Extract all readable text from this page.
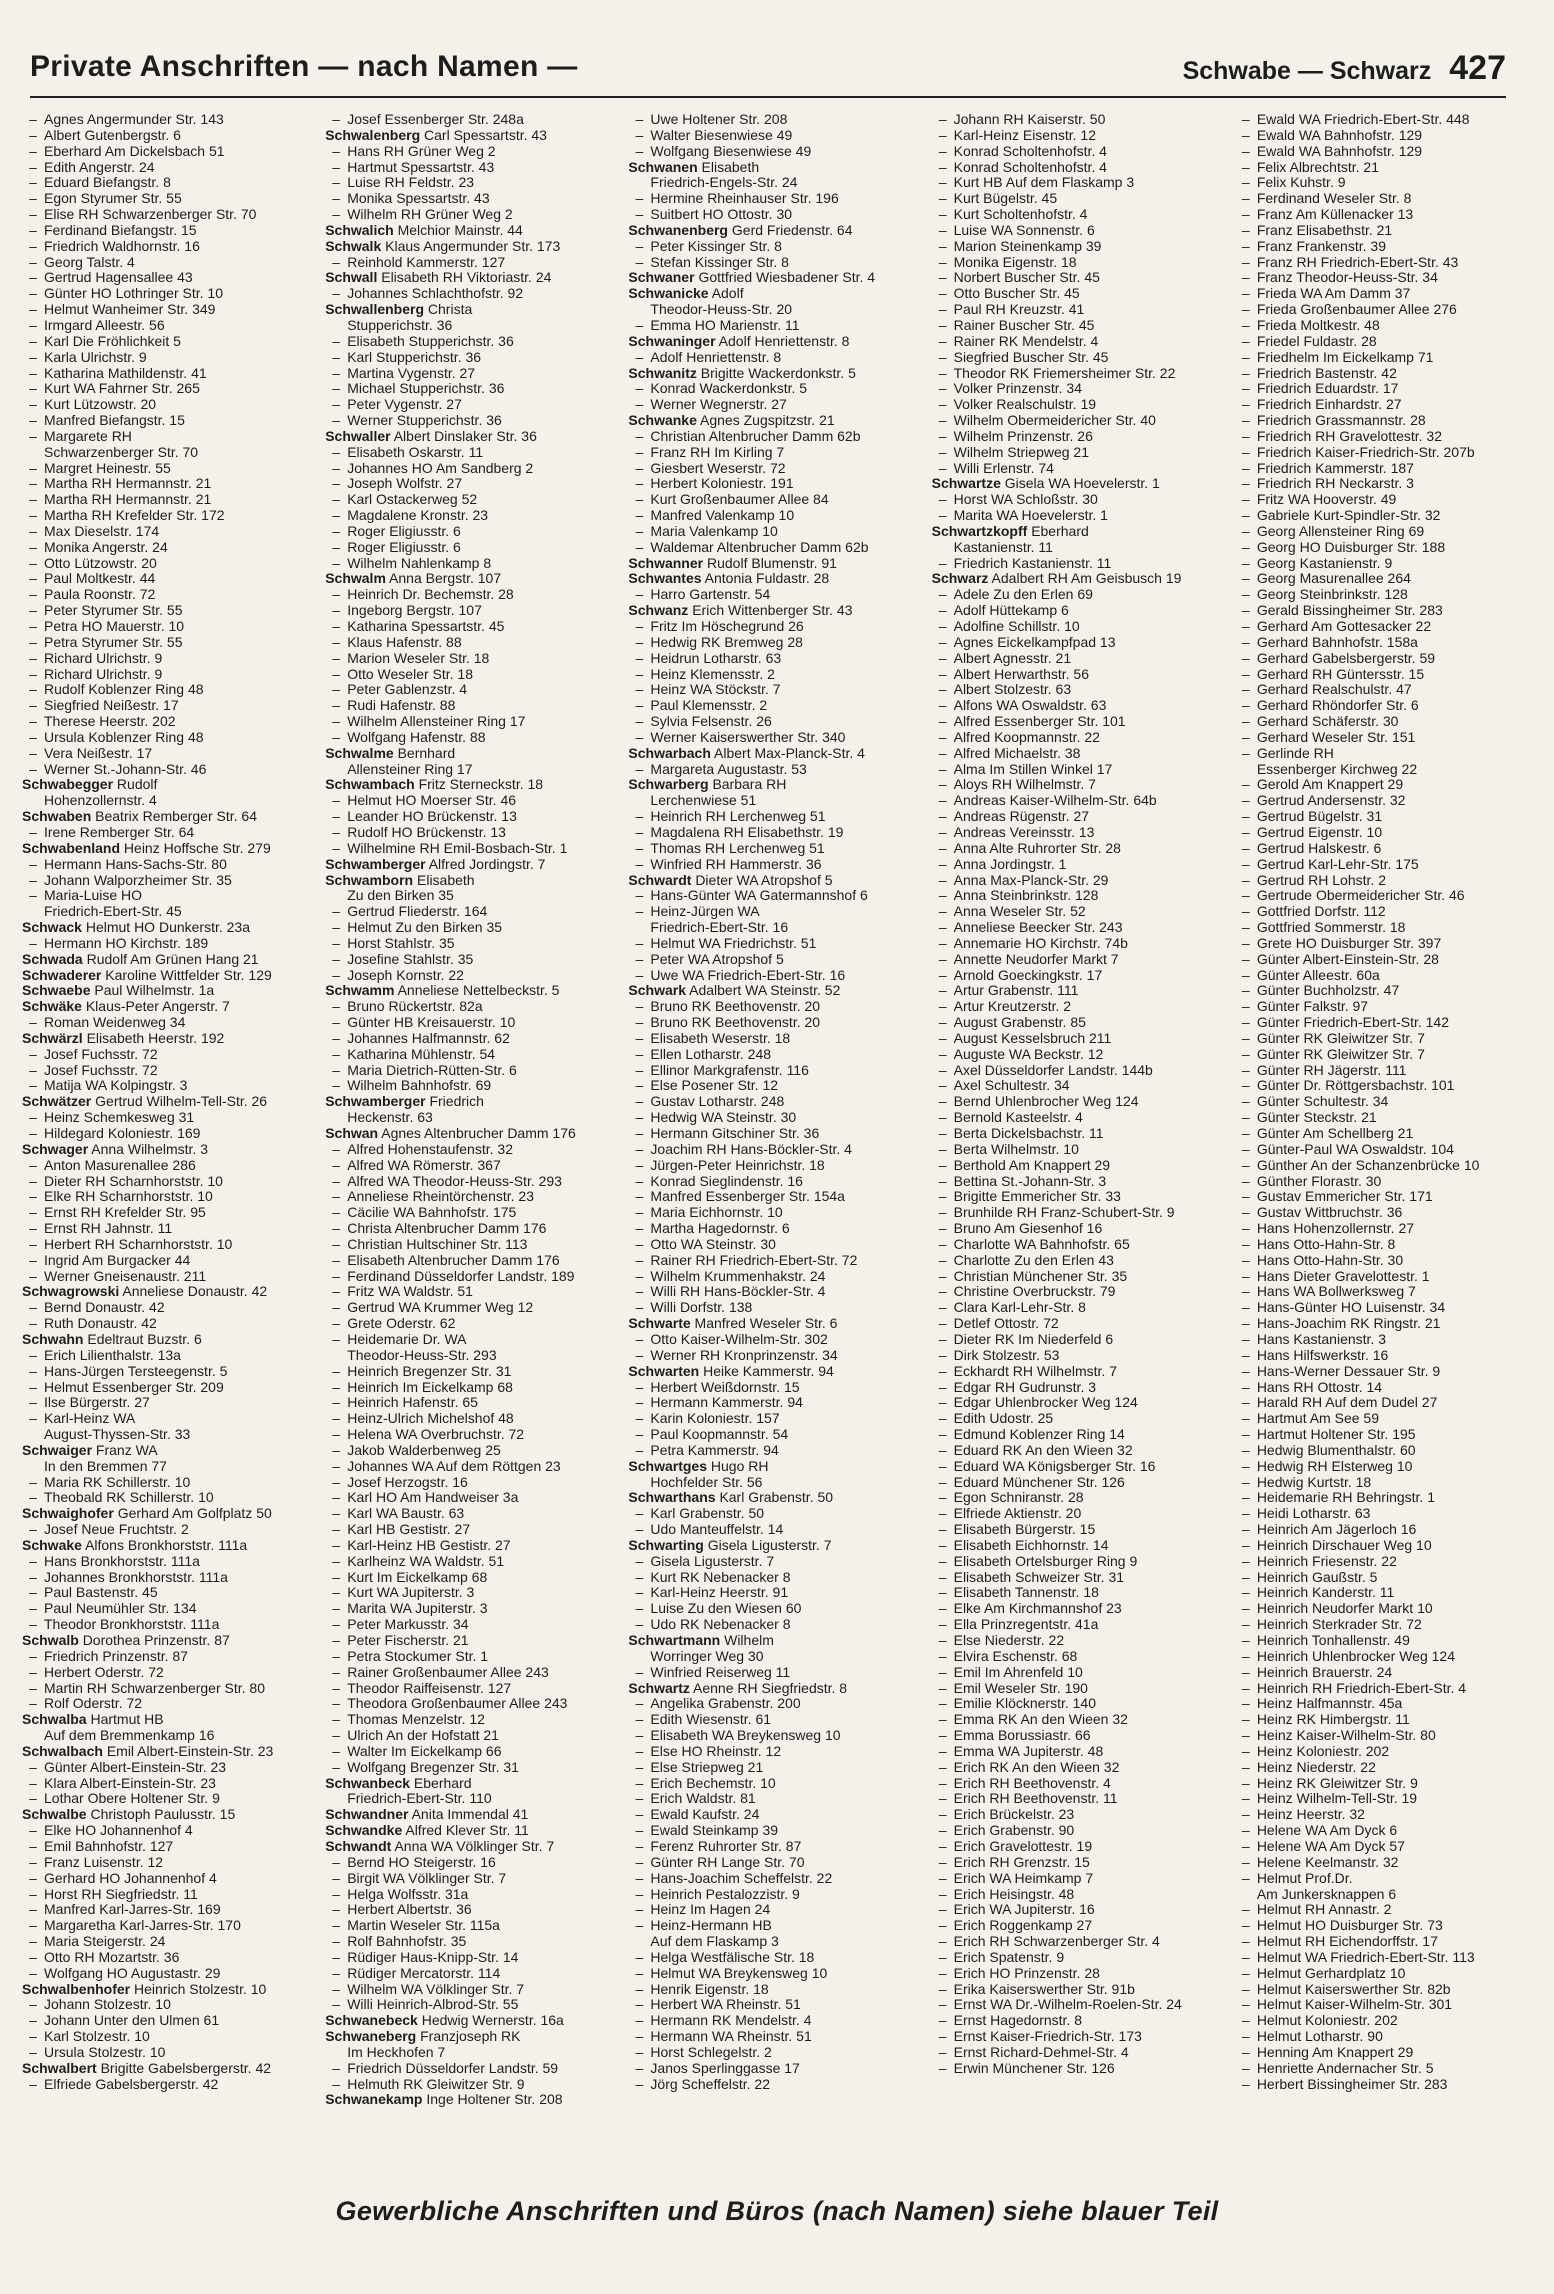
Private Anschriften — nach Namen —	Schwabe — Schwarz 427
– Agnes Angermunder Str. 143
– Albert Gutenbergstr. 6
– Eberhard Am Dickelsbach 51
– Edith Angerstr. 24
– Eduard Biefangstr. 8
– Egon Styrumer Str. 55
– Elise RH Schwarzenberger Str. 70
– Ferdinand Biefangstr. 15
– Friedrich Waldhornstr. 16
– Georg Talstr. 4
– Gertrud Hagensallee 43
– Günter HO Lothringer Str. 10
– Helmut Wanheimer Str. 349
– Irmgard Alleestr. 56
– Karl Die Fröhlichkeit 5
– Karla Ulrichstr. 9
– Katharina Mathildenstr. 41
– Kurt WA Fahrner Str. 265
– Kurt Lützowstr. 20
– Manfred Biefangstr. 15
– Margarete RH
Schwarzenberger Str. 70
– Margret Heinestr. 55
– Martha RH Hermannstr. 21
– Martha RH Hermannstr. 21
– Martha RH Krefelder Str. 172
– Max Dieselstr. 174
– Monika Angerstr. 24
– Otto Lützowstr. 20
– Paul Moltkestr. 44
– Paula Roonstr. 72
– Peter Styrumer Str. 55
– Petra HO Mauerstr. 10
– Petra Styrumer Str. 55
– Richard Ulrichstr. 9
– Richard Ulrichstr. 9
– Rudolf Koblenzer Ring 48
– Siegfried Neißestr. 17
– Therese Heerstr. 202
– Ursula Koblenzer Ring 48
– Vera Neißestr. 17
– Werner St.-Johann-Str. 46
Schwabegger Rudolf
Hohenzollernstr. 4
Schwaben Beatrix Remberger Str. 64
– Irene Remberger Str. 64
Schwabenland Heinz Hoffsche Str. 279
– Hermann Hans-Sachs-Str. 80
– Johann Walporzheimer Str. 35
– Maria-Luise HO
Friedrich-Ebert-Str. 45
Schwack Helmut HO Dunkerstr. 23a
– Hermann HO Kirchstr. 189
Schwada Rudolf Am Grünen Hang 21
Schwaderer Karoline Wittfelder Str. 129
Schwaebe Paul Wilhelmstr. 1a
Schwäke Klaus-Peter Angerstr. 7
– Roman Weidenweg 34
Schwärzl Elisabeth Heerstr. 192
– Josef Fuchsstr. 72
– Josef Fuchsstr. 72
– Matija WA Kolpingstr. 3
Schwätzer Gertrud Wilhelm-Tell-Str. 26
– Heinz Schemkesweg 31
– Hildegard Koloniestr. 169
Schwager Anna Wilhelmstr. 3
– Anton Masurenallee 286
– Dieter RH Scharnhorststr. 10
– Elke RH Scharnhorststr. 10
– Ernst RH Krefelder Str. 95
– Ernst RH Jahnstr. 11
– Herbert RH Scharnhorststr. 10
– Ingrid Am Burgacker 44
– Werner Gneisenaustr. 211
Schwagrowski Anneliese Donaustr. 42
– Bernd Donaustr. 42
– Ruth Donaustr. 42
Schwahn Edeltraut Buzstr. 6
– Erich Lilienthalstr. 13a
– Hans-Jürgen Tersteegenstr. 5
– Helmut Essenberger Str. 209
– Ilse Bürgerstr. 27
– Karl-Heinz WA
August-Thyssen-Str. 33
Schwaiger Franz WA
In den Bremmen 77
– Maria RK Schillerstr. 10
– Theobald RK Schillerstr. 10
Schwaighofer Gerhard Am Golfplatz 50
– Josef Neue Fruchtstr. 2
Schwake Alfons Bronkhorststr. 111a
– Hans Bronkhorststr. 111a
– Johannes Bronkhorststr. 111a
– Paul Bastenstr. 45
– Paul Neumühler Str. 134
– Theodor Bronkhorststr. 111a
Schwalb Dorothea Prinzenstr. 87
– Friedrich Prinzenstr. 87
– Herbert Oderstr. 72
– Martin RH Schwarzenberger Str. 80
– Rolf Oderstr. 72
Schwalba Hartmut HB
Auf dem Bremmenkamp 16
Schwalbach Emil Albert-Einstein-Str. 23
– Günter Albert-Einstein-Str. 23
– Klara Albert-Einstein-Str. 23
– Lothar Obere Holtener Str. 9
Schwalbe Christoph Paulusstr. 15
– Elke HO Johannenhof 4
– Emil Bahnhofstr. 127
– Franz Luisenstr. 12
– Gerhard HO Johannenhof 4
– Horst RH Siegfriedstr. 11
– Manfred Karl-Jarres-Str. 169
– Margaretha Karl-Jarres-Str. 170
– Maria Steigerstr. 24
– Otto RH Mozartstr. 36
– Wolfgang HO Augustastr. 29
Schwalbenhofer Heinrich Stolzestr. 10
– Johann Stolzestr. 10
– Johann Unter den Ulmen 61
– Karl Stolzestr. 10
– Ursula Stolzestr. 10
Schwalbert Brigitte Gabelsbergerstr. 42
– Elfriede Gabelsbergerstr. 42
– Josef Essenberger Str. 248a
Schwalenberg Carl Spessartstr. 43
– Hans RH Grüner Weg 2
– Hartmut Spessartstr. 43
– Luise RH Feldstr. 23
– Monika Spessartstr. 43
– Wilhelm RH Grüner Weg 2
Schwalich Melchior Mainstr. 44
Schwalk Klaus Angermunder Str. 173
– Reinhold Kammerstr. 127
Schwall Elisabeth RH Viktoriastr. 24
– Johannes Schlachthofstr. 92
Schwallenberg Christa
Stupperichstr. 36
– Elisabeth Stupperichstr. 36
– Karl Stupperichstr. 36
– Martina Vygenstr. 27
– Michael Stupperichstr. 36
– Peter Vygenstr. 27
– Werner Stupperichstr. 36
Schwaller Albert Dinslaker Str. 36
– Elisabeth Oskarstr. 11
– Johannes HO Am Sandberg 2
– Joseph Wolfstr. 27
– Karl Ostackerweg 52
– Magdalene Kronstr. 23
– Roger Eligiusstr. 6
– Roger Eligiusstr. 6
– Wilhelm Nahlenkamp 8
Schwalm Anna Bergstr. 107
– Heinrich Dr. Bechemstr. 28
– Ingeborg Bergstr. 107
– Katharina Spessartstr. 45
– Klaus Hafenstr. 88
– Marion Weseler Str. 18
– Otto Weseler Str. 18
– Peter Gablenzstr. 4
– Rudi Hafenstr. 88
– Wilhelm Allensteiner Ring 17
– Wolfgang Hafenstr. 88
Schwalme Bernhard
Allensteiner Ring 17
Schwambach Fritz Sterneckstr. 18
– Helmut HO Moerser Str. 46
– Leander HO Brückenstr. 13
– Rudolf HO Brückenstr. 13
– Wilhelmine RH Emil-Bosbach-Str. 1
Schwamberger Alfred Jordingstr. 7
Schwamborn Elisabeth
Zu den Birken 35
– Gertrud Fliederstr. 164
– Helmut Zu den Birken 35
– Horst Stahlstr. 35
– Josefine Stahlstr. 35
– Joseph Kornstr. 22
Schwamm Anneliese Nettelbeckstr. 5
– Bruno Rückertstr. 82a
– Günter HB Kreisauerstr. 10
– Johannes Halfmannstr. 62
– Katharina Mühlenstr. 54
– Maria Dietrich-Rütten-Str. 6
– Wilhelm Bahnhofstr. 69
Schwamberger Friedrich
Heckenstr. 63
Schwan Agnes Altenbrucher Damm 176
– Alfred Hohenstaufenstr. 32
– Alfred WA Römerstr. 367
– Alfred WA Theodor-Heuss-Str. 293
– Anneliese Rheintörchenstr. 23
– Cäcilie WA Bahnhofstr. 175
– Christa Altenbrucher Damm 176
– Christian Hultschiner Str. 113
– Elisabeth Altenbrucher Damm 176
– Ferdinand Düsseldorfer Landstr. 189
– Fritz WA Waldstr. 51
– Gertrud WA Krummer Weg 12
– Grete Oderstr. 62
– Heidemarie Dr. WA
Theodor-Heuss-Str. 293
– Heinrich Bregenzer Str. 31
– Heinrich Im Eickelkamp 68
– Heinrich Hafenstr. 65
– Heinz-Ulrich Michelshof 48
– Helena WA Overbruchstr. 72
– Jakob Walderbenweg 25
– Johannes WA Auf dem Röttgen 23
– Josef Herzogstr. 16
– Karl HO Am Handweiser 3a
– Karl WA Baustr. 63
– Karl HB Gestistr. 27
– Karl-Heinz HB Gestistr. 27
– Karlheinz WA Waldstr. 51
– Kurt Im Eickelkamp 68
– Kurt WA Jupiterstr. 3
– Marita WA Jupiterstr. 3
– Peter Markusstr. 34
– Peter Fischerstr. 21
– Petra Stockumer Str. 1
– Rainer Großenbaumer Allee 243
– Theodor Raiffeisenstr. 127
– Theodora Großenbaumer Allee 243
– Thomas Menzelstr. 12
– Ulrich An der Hofstatt 21
– Walter Im Eickelkamp 66
– Wolfgang Bregenzer Str. 31
Schwanbeck Eberhard
Friedrich-Ebert-Str. 110
Schwandner Anita Immendal 41
Schwandke Alfred Klever Str. 11
Schwandt Anna WA Völklinger Str. 7
– Bernd HO Steigerstr. 16
– Birgit WA Völklinger Str. 7
– Helga Wolfsstr. 31a
– Herbert Albertstr. 36
– Martin Weseler Str. 115a
– Rolf Bahnhofstr. 35
– Rüdiger Haus-Knipp-Str. 14
– Rüdiger Mercatorstr. 114
– Wilhelm WA Völklinger Str. 7
– Willi Heinrich-Albrod-Str. 55
Schwanebeck Hedwig Wernerstr. 16a
Schwaneberg Franzjoseph RK
Im Heckhofen 7
– Friedrich Düsseldorfer Landstr. 59
– Helmuth RK Gleiwitzer Str. 9
Schwanekamp Inge Holtener Str. 208
– Uwe Holtener Str. 208
– Walter Biesenwiese 49
– Wolfgang Biesenwiese 49
Schwanen Elisabeth
Friedrich-Engels-Str. 24
– Hermine Rheinhauser Str. 196
– Suitbert HO Ottostr. 30
Schwanenberg Gerd Friedenstr. 64
– Peter Kissinger Str. 8
– Stefan Kissinger Str. 8
Schwaner Gottfried Wiesbadener Str. 4
Schwanicke Adolf
Theodor-Heuss-Str. 20
– Emma HO Marienstr. 11
Schwaninger Adolf Henriettenstr. 8
– Adolf Henriettenstr. 8
Schwanitz Brigitte Wackerdonkstr. 5
– Konrad Wackerdonkstr. 5
– Werner Wegnerstr. 27
Schwanke Agnes Zugspitzstr. 21
– Christian Altenbrucher Damm 62b
– Franz RH Im Kirling 7
– Giesbert Weserstr. 72
– Herbert Koloniestr. 191
– Kurt Großenbaumer Allee 84
– Manfred Valenkamp 10
– Maria Valenkamp 10
– Waldemar Altenbrucher Damm 62b
Schwanner Rudolf Blumenstr. 91
Schwantes Antonia Fuldastr. 28
– Harro Gartenstr. 54
Schwanz Erich Wittenberger Str. 43
– Fritz Im Höschegrund 26
– Hedwig RK Bremweg 28
– Heidrun Lotharstr. 63
– Heinz Klemensstr. 2
– Heinz WA Stöckstr. 7
– Paul Klemensstr. 2
– Sylvia Felsenstr. 26
– Werner Kaiserswerther Str. 340
Schwarbach Albert Max-Planck-Str. 4
– Margareta Augustastr. 53
Schwarberg Barbara RH
Lerchenwiese 51
– Heinrich RH Lerchenweg 51
– Magdalena RH Elisabethstr. 19
– Thomas RH Lerchenweg 51
– Winfried RH Hammerstr. 36
Schwardt Dieter WA Atropshof 5
– Hans-Günter WA Gatermannshof 6
– Heinz-Jürgen WA
Friedrich-Ebert-Str. 16
– Helmut WA Friedrichstr. 51
– Peter WA Atropshof 5
– Uwe WA Friedrich-Ebert-Str. 16
Schwark Adalbert WA Steinstr. 52
– Bruno RK Beethovenstr. 20
– Bruno RK Beethovenstr. 20
– Elisabeth Weserstr. 18
– Ellen Lotharstr. 248
– Ellinor Markgrafenstr. 116
– Else Posener Str. 12
– Gustav Lotharstr. 248
– Hedwig WA Steinstr. 30
– Hermann Gitschiner Str. 36
– Joachim RH Hans-Böckler-Str. 4
– Jürgen-Peter Heinrichstr. 18
– Konrad Sieglindenstr. 16
– Manfred Essenberger Str. 154a
– Maria Eichhornstr. 10
– Martha Hagedornstr. 6
– Otto WA Steinstr. 30
– Rainer RH Friedrich-Ebert-Str. 72
– Wilhelm Krummenhakstr. 24
– Willi RH Hans-Böckler-Str. 4
– Willi Dorfstr. 138
Schwarte Manfred Weseler Str. 6
– Otto Kaiser-Wilhelm-Str. 302
– Werner RH Kronprinzenstr. 34
Schwarten Heike Kammerstr. 94
– Herbert Weißdornstr. 15
– Hermann Kammerstr. 94
– Karin Koloniestr. 157
– Paul Koopmannstr. 54
– Petra Kammerstr. 94
Schwartges Hugo RH
Hochfelder Str. 56
Schwarthans Karl Grabenstr. 50
– Karl Grabenstr. 50
– Udo Manteuffelstr. 14
Schwarting Gisela Ligusterstr. 7
– Gisela Ligusterstr. 7
– Kurt RK Nebenacker 8
– Karl-Heinz Heerstr. 91
– Luise Zu den Wiesen 60
– Udo RK Nebenacker 8
Schwartmann Wilhelm
Worringer Weg 30
– Winfried Reiserweg 11
Schwartz Aenne RH Siegfriedstr. 8
– Angelika Grabenstr. 200
– Edith Wiesenstr. 61
– Elisabeth WA Breykensweg 10
– Else HO Rheinstr. 12
– Else Striepweg 21
– Erich Bechemstr. 10
– Erich Waldstr. 81
– Ewald Kaufstr. 24
– Ewald Steinkamp 39
– Ferenz Ruhrorter Str. 87
– Günter RH Lange Str. 70
– Hans-Joachim Scheffelstr. 22
– Heinrich Pestalozzistr. 9
– Heinz Im Hagen 24
– Heinz-Hermann HB
Auf dem Flaskamp 3
– Helga Westfälische Str. 18
– Helmut WA Breykensweg 10
– Henrik Eigenstr. 18
– Herbert WA Rheinstr. 51
– Hermann RK Mendelstr. 4
– Hermann WA Rheinstr. 51
– Horst Schlegelstr. 2
– Janos Sperlinggasse 17
– Jörg Scheffelstr. 22
– Johann RH Kaiserstr. 50
– Karl-Heinz Eisenstr. 12
– Konrad Scholtenhofstr. 4
– Konrad Scholtenhofstr. 4
– Kurt HB Auf dem Flaskamp 3
– Kurt Bügelstr. 45
– Kurt Scholtenhofstr. 4
– Luise WA Sonnenstr. 6
– Marion Steinenkamp 39
– Monika Eigenstr. 18
– Norbert Buscher Str. 45
– Otto Buscher Str. 45
– Paul RH Kreuzstr. 41
– Rainer Buscher Str. 45
– Rainer RK Mendelstr. 4
– Siegfried Buscher Str. 45
– Theodor RK Friemersheimer Str. 22
– Volker Prinzenstr. 34
– Volker Realschulstr. 19
– Wilhelm Obermeidericher Str. 40
– Wilhelm Prinzenstr. 26
– Wilhelm Striepweg 21
– Willi Erlenstr. 74
Schwartze Gisela WA Hoevelerstr. 1
– Horst WA Schloßstr. 30
– Marita WA Hoevelerstr. 1
Schwartzkopff Eberhard
Kastanienstr. 11
– Friedrich Kastanienstr. 11
Schwarz Adalbert RH Am Geisbusch 19
– Adele Zu den Erlen 69
– Adolf Hüttekamp 6
– Adolfine Schillstr. 10
– Agnes Eickelkampfpad 13
– Albert Agnesstr. 21
– Albert Herwarthstr. 56
– Albert Stolzestr. 63
– Alfons WA Oswaldstr. 63
– Alfred Essenberger Str. 101
– Alfred Koopmannstr. 22
– Alfred Michaelstr. 38
– Alma Im Stillen Winkel 17
– Aloys RH Wilhelmstr. 7
– Andreas Kaiser-Wilhelm-Str. 64b
– Andreas Rügenstr. 27
– Andreas Vereinsstr. 13
– Anna Alte Ruhrorter Str. 28
– Anna Jordingstr. 1
– Anna Max-Planck-Str. 29
– Anna Steinbrinkstr. 128
– Anna Weseler Str. 52
– Anneliese Beecker Str. 243
– Annemarie HO Kirchstr. 74b
– Annette Neudorfer Markt 7
– Arnold Goeckingkstr. 17
– Artur Grabenstr. 111
– Artur Kreutzerstr. 2
– August Grabenstr. 85
– August Kesselsbruch 211
– Auguste WA Beckstr. 12
– Axel Düsseldorfer Landstr. 144b
– Axel Schultestr. 34
– Bernd Uhlenbrocher Weg 124
– Bernold Kasteelstr. 4
– Berta Dickelsbachstr. 11
– Berta Wilhelmstr. 10
– Berthold Am Knappert 29
– Bettina St.-Johann-Str. 3
– Brigitte Emmericher Str. 33
– Brunhilde RH Franz-Schubert-Str. 9
– Bruno Am Giesenhof 16
– Charlotte WA Bahnhofstr. 65
– Charlotte Zu den Erlen 43
– Christian Münchener Str. 35
– Christine Overbruckstr. 79
– Clara Karl-Lehr-Str. 8
– Detlef Ottostr. 72
– Dieter RK Im Niederfeld 6
– Dirk Stolzestr. 53
– Eckhardt RH Wilhelmstr. 7
– Edgar RH Gudrunstr. 3
– Edgar Uhlenbrocker Weg 124
– Edith Udostr. 25
– Edmund Koblenzer Ring 14
– Eduard RK An den Wieen 32
– Eduard WA Königsberger Str. 16
– Eduard Münchener Str. 126
– Egon Schniranstr. 28
– Elfriede Aktienstr. 20
– Elisabeth Bürgerstr. 15
– Elisabeth Eichhornstr. 14
– Elisabeth Ortelsburger Ring 9
– Elisabeth Schweizer Str. 31
– Elisabeth Tannenstr. 18
– Elke Am Kirchmannshof 23
– Ella Prinzregentstr. 41a
– Else Niederstr. 22
– Elvira Eschenstr. 68
– Emil Im Ahrenfeld 10
– Emil Weseler Str. 190
– Emilie Klöcknerstr. 140
– Emma RK An den Wieen 32
– Emma Borussiastr. 66
– Emma WA Jupiterstr. 48
– Erich RK An den Wieen 32
– Erich RH Beethovenstr. 4
– Erich RH Beethovenstr. 11
– Erich Brückelstr. 23
– Erich Grabenstr. 90
– Erich Gravelottestr. 19
– Erich RH Grenzstr. 15
– Erich WA Heimkamp 7
– Erich Heisingstr. 48
– Erich WA Jupiterstr. 16
– Erich Roggenkamp 27
– Erich RH Schwarzenberger Str. 4
– Erich Spatenstr. 9
– Erich HO Prinzenstr. 28
– Erika Kaiserswerther Str. 91b
– Ernst WA Dr.-Wilhelm-Roelen-Str. 24
– Ernst Hagedornstr. 8
– Ernst Kaiser-Friedrich-Str. 173
– Ernst Richard-Dehmel-Str. 4
– Erwin Münchener Str. 126
– Ewald WA Friedrich-Ebert-Str. 448
– Ewald WA Bahnhofstr. 129
– Ewald WA Bahnhofstr. 129
– Felix Albrechtstr. 21
– Felix Kuhstr. 9
– Ferdinand Weseler Str. 8
– Franz Am Küllenacker 13
– Franz Elisabethstr. 21
– Franz Frankenstr. 39
– Franz RH Friedrich-Ebert-Str. 43
– Franz Theodor-Heuss-Str. 34
– Frieda WA Am Damm 37
– Frieda Großenbaumer Allee 276
– Frieda Moltkestr. 48
– Friedel Fuldastr. 28
– Friedhelm Im Eickelkamp 71
– Friedrich Bastenstr. 42
– Friedrich Eduardstr. 17
– Friedrich Einhardstr. 27
– Friedrich Grassmannstr. 28
– Friedrich RH Gravelottestr. 32
– Friedrich Kaiser-Friedrich-Str. 207b
– Friedrich Kammerstr. 187
– Friedrich RH Neckarstr. 3
– Fritz WA Hooverstr. 49
– Gabriele Kurt-Spindler-Str. 32
– Georg Allensteiner Ring 69
– Georg HO Duisburger Str. 188
– Georg Kastanienstr. 9
– Georg Masurenallee 264
– Georg Steinbrinkstr. 128
– Gerald Bissingheimer Str. 283
– Gerhard Am Gottesacker 22
– Gerhard Bahnhofstr. 158a
– Gerhard Gabelsbergerstr. 59
– Gerhard RH Güntersstr. 15
– Gerhard Realschulstr. 47
– Gerhard Rhöndorfer Str. 6
– Gerhard Schäferstr. 30
– Gerhard Weseler Str. 151
– Gerlinde RH
Essenberger Kirchweg 22
– Gerold Am Knappert 29
– Gertrud Andersenstr. 32
– Gertrud Bügelstr. 31
– Gertrud Eigenstr. 10
– Gertrud Halskestr. 6
– Gertrud Karl-Lehr-Str. 175
– Gertrud RH Lohstr. 2
– Gertrude Obermeidericher Str. 46
– Gottfried Dorfstr. 112
– Gottfried Sommerstr. 18
– Grete HO Duisburger Str. 397
– Günter Albert-Einstein-Str. 28
– Günter Alleestr. 60a
– Günter Buchholzstr. 47
– Günter Falkstr. 97
– Günter Friedrich-Ebert-Str. 142
– Günter RK Gleiwitzer Str. 7
– Günter RK Gleiwitzer Str. 7
– Günter RH Jägerstr. 111
– Günter Dr. Röttgersbachstr. 101
– Günter Schultestr. 34
– Günter Steckstr. 21
– Günter Am Schellberg 21
– Günter-Paul WA Oswaldstr. 104
– Günther An der Schanzenbrücke 10
– Günther Florastr. 30
– Gustav Emmericher Str. 171
– Gustav Wittbruchstr. 36
– Hans Hohenzollernstr. 27
– Hans Otto-Hahn-Str. 8
– Hans Otto-Hahn-Str. 30
– Hans Dieter Gravelottestr. 1
– Hans WA Bollwerksweg 7
– Hans-Günter HO Luisenstr. 34
– Hans-Joachim RK Ringstr. 21
– Hans Kastanienstr. 3
– Hans Hilfswerkstr. 16
– Hans-Werner Dessauer Str. 9
– Hans RH Ottostr. 14
– Harald RH Auf dem Dudel 27
– Hartmut Am See 59
– Hartmut Holtener Str. 195
– Hedwig Blumenthalstr. 60
– Hedwig RH Elsterweg 10
– Hedwig Kurtstr. 18
– Heidemarie RH Behringstr. 1
– Heidi Lotharstr. 63
– Heinrich Am Jägerloch 16
– Heinrich Dirschauer Weg 10
– Heinrich Friesenstr. 22
– Heinrich Gaußstr. 5
– Heinrich Kanderstr. 11
– Heinrich Neudorfer Markt 10
– Heinrich Sterkrader Str. 72
– Heinrich Tonhallenstr. 49
– Heinrich Uhlenbrocker Weg 124
– Heinrich Brauerstr. 24
– Heinrich RH Friedrich-Ebert-Str. 4
– Heinz Halfmannstr. 45a
– Heinz RK Himbergstr. 11
– Heinz Kaiser-Wilhelm-Str. 80
– Heinz Koloniestr. 202
– Heinz Niederstr. 22
– Heinz RK Gleiwitzer Str. 9
– Heinz Wilhelm-Tell-Str. 19
– Heinz Heerstr. 32
– Helene WA Am Dyck 6
– Helene WA Am Dyck 57
– Helene Keelmanstr. 32
– Helmut Prof.Dr.
Am Junkersknappen 6
– Helmut RH Annastr. 2
– Helmut HO Duisburger Str. 73
– Helmut RH Eichendorffstr. 17
– Helmut WA Friedrich-Ebert-Str. 113
– Helmut Gerhardplatz 10
– Helmut Kaiserswerther Str. 82b
– Helmut Kaiser-Wilhelm-Str. 301
– Helmut Koloniestr. 202
– Helmut Lotharstr. 90
– Henning Am Knappert 29
– Henriette Andernacher Str. 5
– Herbert Bissingheimer Str. 283
Gewerbliche Anschriften und Büros (nach Namen) siehe blauer Teil
